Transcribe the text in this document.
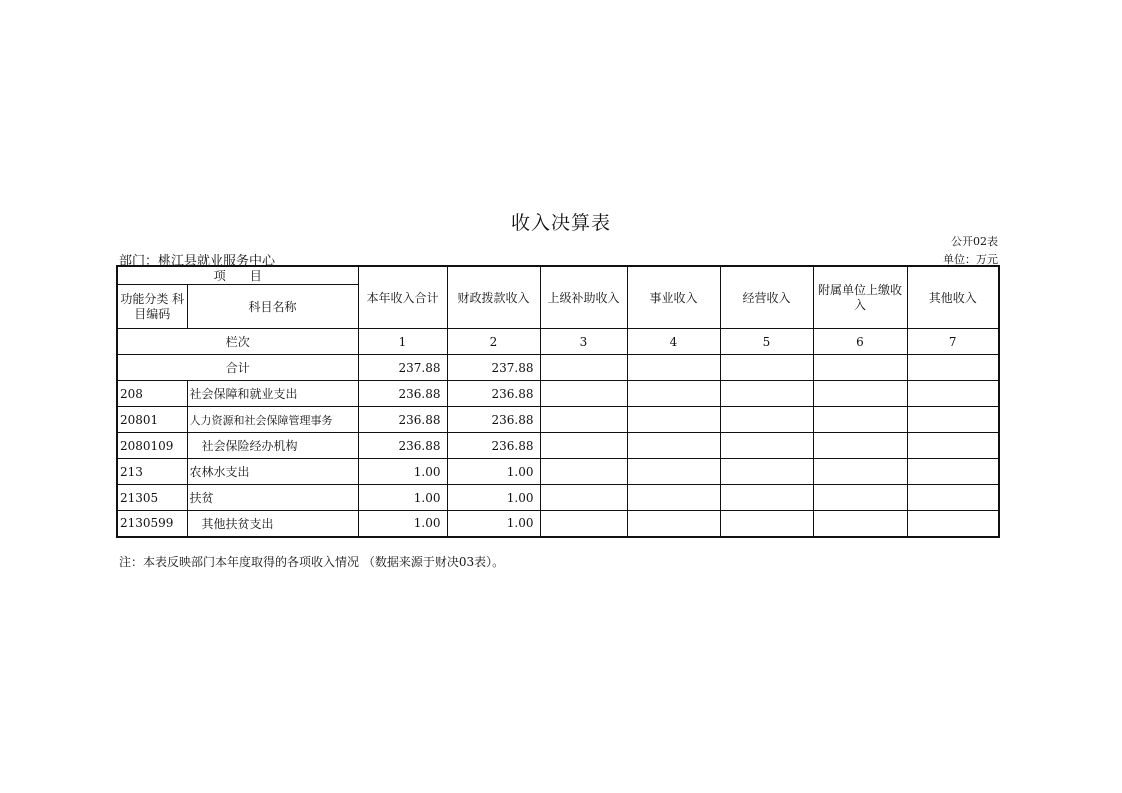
收入决算表
公开02表
部门：桃江县就业服务中心	单位：万元
项　　目		本年收入合计	财政拨款收入	上级补助收入	事业收入	经营收入	附属单位上缴收入	其他收入
功能分类 科目编码	科目名称							
栏次		1	2	3	4	5	6	7
合计		237.88	237.88					
208	社会保障和就业支出	236.88	236.88					
20801	人力资源和社会保障管理事务	236.88	236.88					
2080109	社会保险经办机构	236.88	236.88					
213	农林水支出	1.00	1.00					
21305	扶贫	1.00	1.00					
2130599	其他扶贫支出	1.00	1.00					
注：本表反映部门本年度取得的各项收入情况 （数据来源于财决03表）。
